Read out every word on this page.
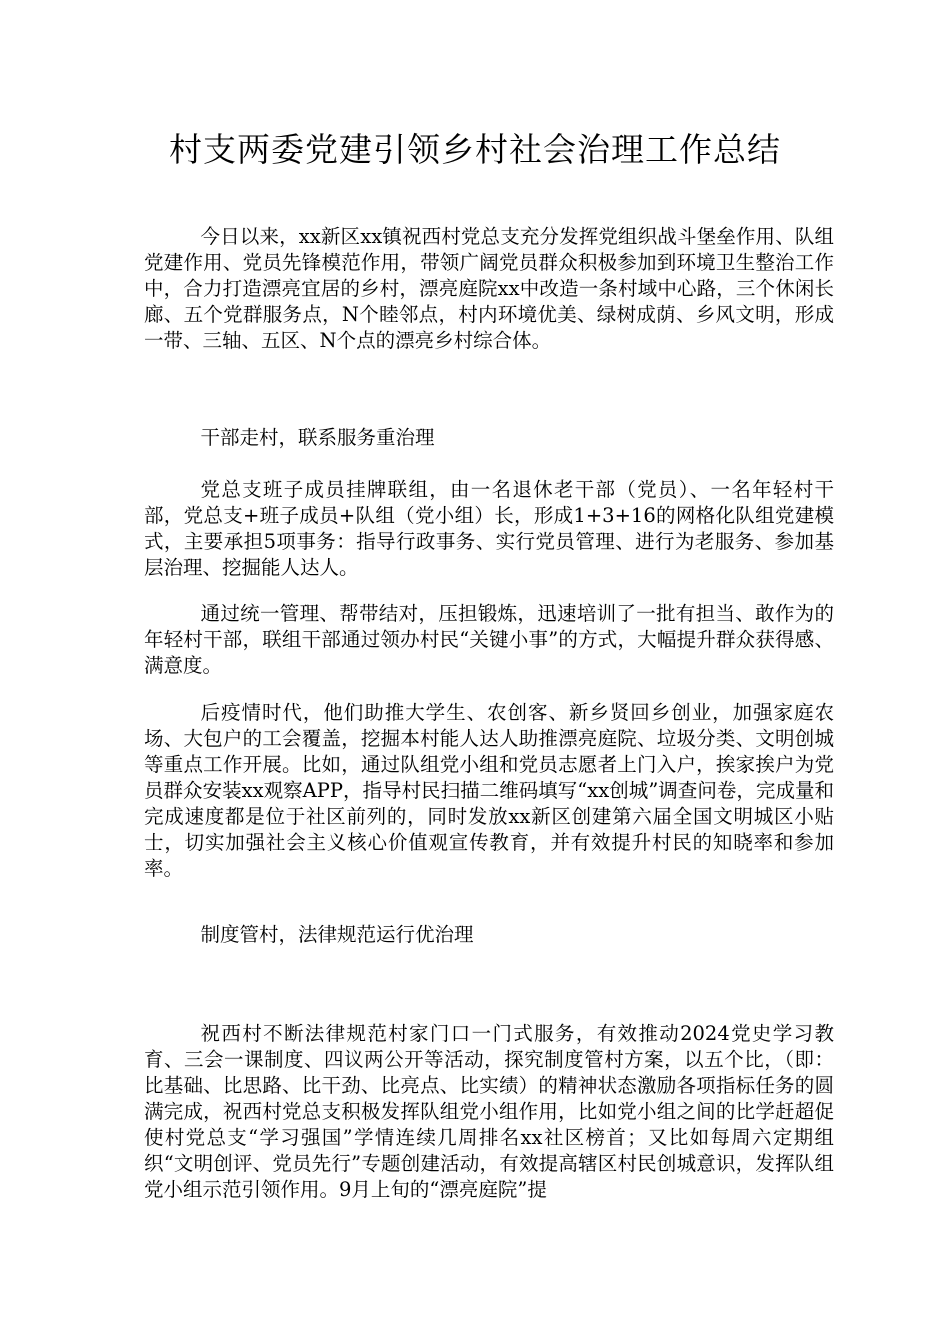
村支两委党建引领乡村社会治理工作总结

今日以来，xx新区xx镇祝西村党总支充分发挥党组织战斗堡垒作用、队组党建作用、党员先锋模范作用，带领广阔党员群众积极参加到环境卫生整治工作中，合力打造漂亮宜居的乡村，漂亮庭院xx中改造一条村域中心路，三个休闲长廊、五个党群服务点，N个睦邻点，村内环境优美、绿树成荫、乡风文明，形成一带、三轴、五区、N个点的漂亮乡村综合体。

干部走村，联系服务重治理

党总支班子成员挂牌联组，由一名退休老干部（党员）、一名年轻村干部，党总支+班子成员+队组（党小组）长，形成1+3+16的网格化队组党建模式，主要承担5项事务：指导行政事务、实行党员管理、进行为老服务、参加基层治理、挖掘能人达人。

通过统一管理、帮带结对，压担锻炼，迅速培训了一批有担当、敢作为的年轻村干部，联组干部通过领办村民“关键小事”的方式，大幅提升群众获得感、满意度。

后疫情时代，他们助推大学生、农创客、新乡贤回乡创业，加强家庭农场、大包户的工会覆盖，挖掘本村能人达人助推漂亮庭院、垃圾分类、文明创城等重点工作开展。比如，通过队组党小组和党员志愿者上门入户，挨家挨户为党员群众安装xx观察APP，指导村民扫描二维码填写“xx创城”调查问卷，完成量和完成速度都是位于社区前列的，同时发放xx新区创建第六届全国文明城区小贴士，切实加强社会主义核心价值观宣传教育，并有效提升村民的知晓率和参加率。

制度管村，法律规范运行优治理

祝西村不断法律规范村家门口一门式服务，有效推动2024党史学习教育、三会一课制度、四议两公开等活动，探究制度管村方案，以五个比，（即：比基础、比思路、比干劲、比亮点、比实绩）的精神状态激励各项指标任务的圆满完成，祝西村党总支积极发挥队组党小组作用，比如党小组之间的比学赶超促使村党总支“学习强国”学情连续几周排名xx社区榜首；又比如每周六定期组织“文明创评、党员先行”专题创建活动，有效提高辖区村民创城意识，发挥队组党小组示范引领作用。9月上旬的“漂亮庭院”提
